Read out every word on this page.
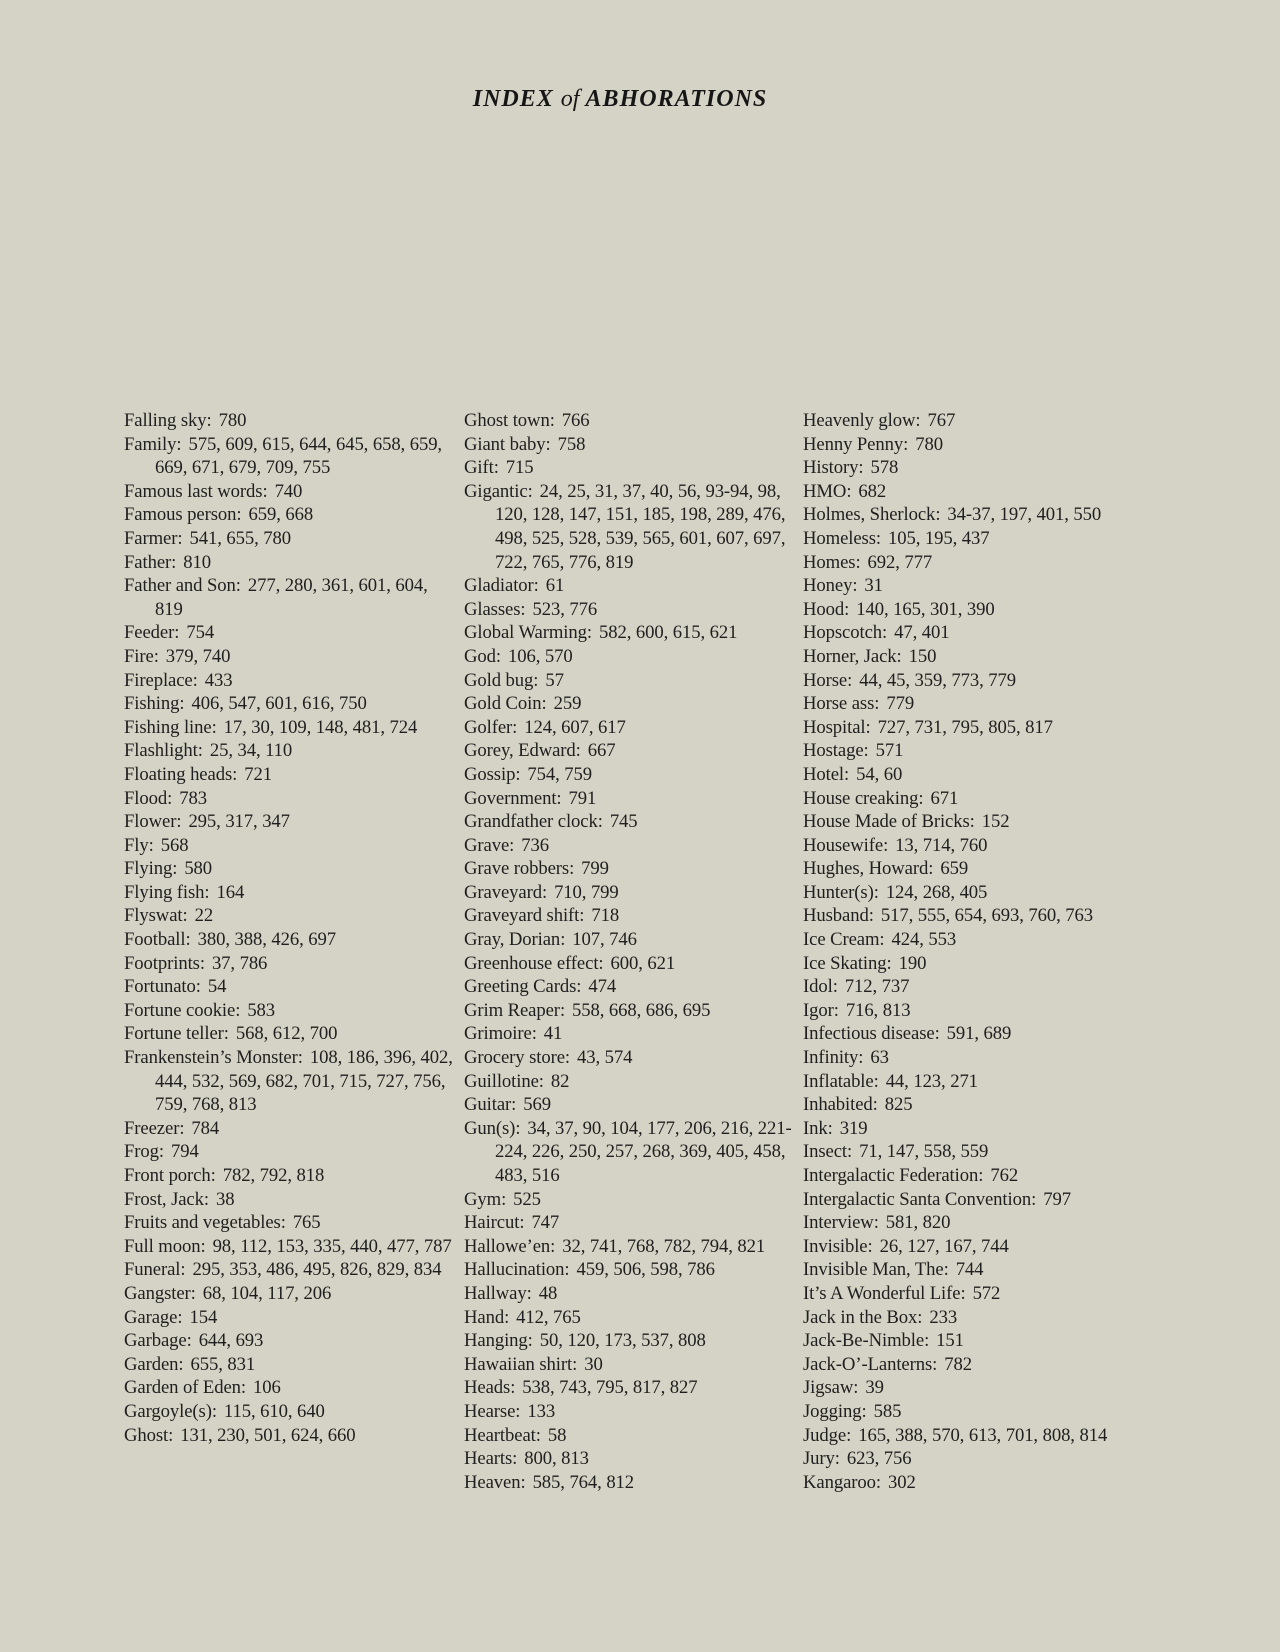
INDEX of ABHORATIONS
Falling sky : 780
Family : 575, 609, 615, 644, 645, 658, 659, 669, 671, 679, 709, 755
Famous last words : 740
Famous person : 659, 668
Farmer : 541, 655, 780
Father : 810
Father and Son : 277, 280, 361, 601, 604, 819
Feeder : 754
Fire : 379, 740
Fireplace : 433
Fishing : 406, 547, 601, 616, 750
Fishing line : 17, 30, 109, 148, 481, 724
Flashlight : 25, 34, 110
Floating heads : 721
Flood : 783
Flower : 295, 317, 347
Fly : 568
Flying : 580
Flying fish : 164
Flyswat : 22
Football : 380, 388, 426, 697
Footprints : 37, 786
Fortunato : 54
Fortune cookie : 583
Fortune teller : 568, 612, 700
Frankenstein’s Monster : 108, 186, 396, 402, 444, 532, 569, 682, 701, 715, 727, 756, 759, 768, 813
Freezer : 784
Frog : 794
Front porch : 782, 792, 818
Frost, Jack : 38
Fruits and vegetables : 765
Full moon : 98, 112, 153, 335, 440, 477, 787
Funeral : 295, 353, 486, 495, 826, 829, 834
Gangster : 68, 104, 117, 206
Garage : 154
Garbage : 644, 693
Garden : 655, 831
Garden of Eden : 106
Gargoyle(s) : 115, 610, 640
Ghost : 131, 230, 501, 624, 660
Ghost town : 766
Giant baby : 758
Gift : 715
Gigantic : 24, 25, 31, 37, 40, 56, 93-94, 98, 120, 128, 147, 151, 185, 198, 289, 476, 498, 525, 528, 539, 565, 601, 607, 697, 722, 765, 776, 819
Gladiator : 61
Glasses : 523, 776
Global Warming : 582, 600, 615, 621
God : 106, 570
Gold bug : 57
Gold Coin : 259
Golfer : 124, 607, 617
Gorey, Edward : 667
Gossip : 754, 759
Government : 791
Grandfather clock : 745
Grave : 736
Grave robbers : 799
Graveyard : 710, 799
Graveyard shift : 718
Gray, Dorian : 107, 746
Greenhouse effect : 600, 621
Greeting Cards : 474
Grim Reaper : 558, 668, 686, 695
Grimoire : 41
Grocery store : 43, 574
Guillotine : 82
Guitar : 569
Gun(s) : 34, 37, 90, 104, 177, 206, 216, 221-224, 226, 250, 257, 268, 369, 405, 458, 483, 516
Gym : 525
Haircut : 747
Hallowe’en : 32, 741, 768, 782, 794, 821
Hallucination : 459, 506, 598, 786
Hallway : 48
Hand : 412, 765
Hanging : 50, 120, 173, 537, 808
Hawaiian shirt : 30
Heads : 538, 743, 795, 817, 827
Hearse : 133
Heartbeat : 58
Hearts : 800, 813
Heaven : 585, 764, 812
Heavenly glow : 767
Henny Penny : 780
History : 578
HMO : 682
Holmes, Sherlock : 34-37, 197, 401, 550
Homeless : 105, 195, 437
Homes : 692, 777
Honey : 31
Hood : 140, 165, 301, 390
Hopscotch : 47, 401
Horner, Jack : 150
Horse : 44, 45, 359, 773, 779
Horse ass : 779
Hospital : 727, 731, 795, 805, 817
Hostage : 571
Hotel : 54, 60
House creaking : 671
House Made of Bricks : 152
Housewife : 13, 714, 760
Hughes, Howard : 659
Hunter(s) : 124, 268, 405
Husband : 517, 555, 654, 693, 760, 763
Ice Cream : 424, 553
Ice Skating : 190
Idol : 712, 737
Igor : 716, 813
Infectious disease : 591, 689
Infinity : 63
Inflatable : 44, 123, 271
Inhabited : 825
Ink : 319
Insect : 71, 147, 558, 559
Intergalactic Federation : 762
Intergalactic Santa Convention : 797
Interview : 581, 820
Invisible : 26, 127, 167, 744
Invisible Man, The : 744
It’s A Wonderful Life : 572
Jack in the Box : 233
Jack-Be-Nimble : 151
Jack-O’-Lanterns : 782
Jigsaw : 39
Jogging : 585
Judge : 165, 388, 570, 613, 701, 808, 814
Jury : 623, 756
Kangaroo : 302
